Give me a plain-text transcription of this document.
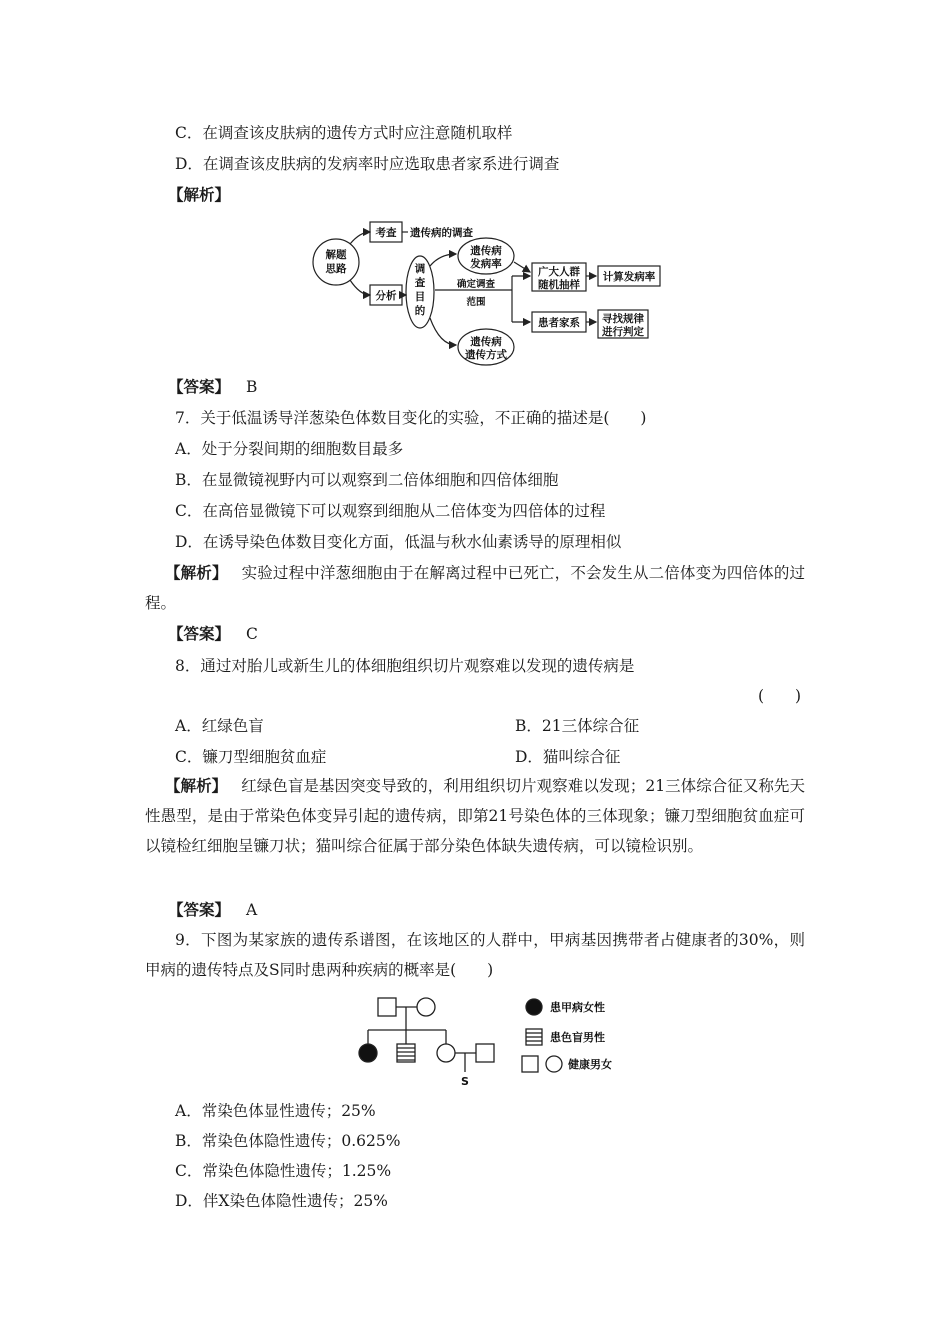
C．在调查该皮肤病的遗传方式时应注意随机取样
D．在调查该皮肤病的发病率时应选取患者家系进行调查
【解析】
解题
思路
考查 遗传病的调查
分析
调
查
目
的
遗传病
发病率
遗传病
遗传方式
确定调查
范围
广大人群
随机抽样
患者家系
计算发病率
寻找规律
进行判定
【答案】 B
7．关于低温诱导洋葱染色体数目变化的实验，不正确的描述是(　　)
A．处于分裂间期的细胞数目最多
B．在显微镜视野内可以观察到二倍体细胞和四倍体细胞
C．在高倍显微镜下可以观察到细胞从二倍体变为四倍体的过程
D．在诱导染色体数目变化方面，低温与秋水仙素诱导的原理相似
【解析】 实验过程中洋葱细胞由于在解离过程中已死亡，不会发生从二倍体变为四倍体的过程。
【答案】 C
8．通过对胎儿或新生儿的体细胞组织切片观察难以发现的遗传病是
(　　)
A．红绿色盲	B．21三体综合征
C．镰刀型细胞贫血症	D．猫叫综合征
【解析】 红绿色盲是基因突变导致的，利用组织切片观察难以发现；21三体综合征又称先天性愚型，是由于常染色体变异引起的遗传病，即第21号染色体的三体现象；镰刀型细胞贫血症可以镜检红细胞呈镰刀状；猫叫综合征属于部分染色体缺失遗传病，可以镜检识别。
【答案】 A
9．下图为某家族的遗传系谱图，在该地区的人群中，甲病基因携带者占健康者的30%，则甲病的遗传特点及S同时患两种疾病的概率是(　　)
S
患甲病女性
患色盲男性
健康男女
A．常染色体显性遗传；25%
B．常染色体隐性遗传；0.625%
C．常染色体隐性遗传；1.25%
D．伴X染色体隐性遗传；25%
